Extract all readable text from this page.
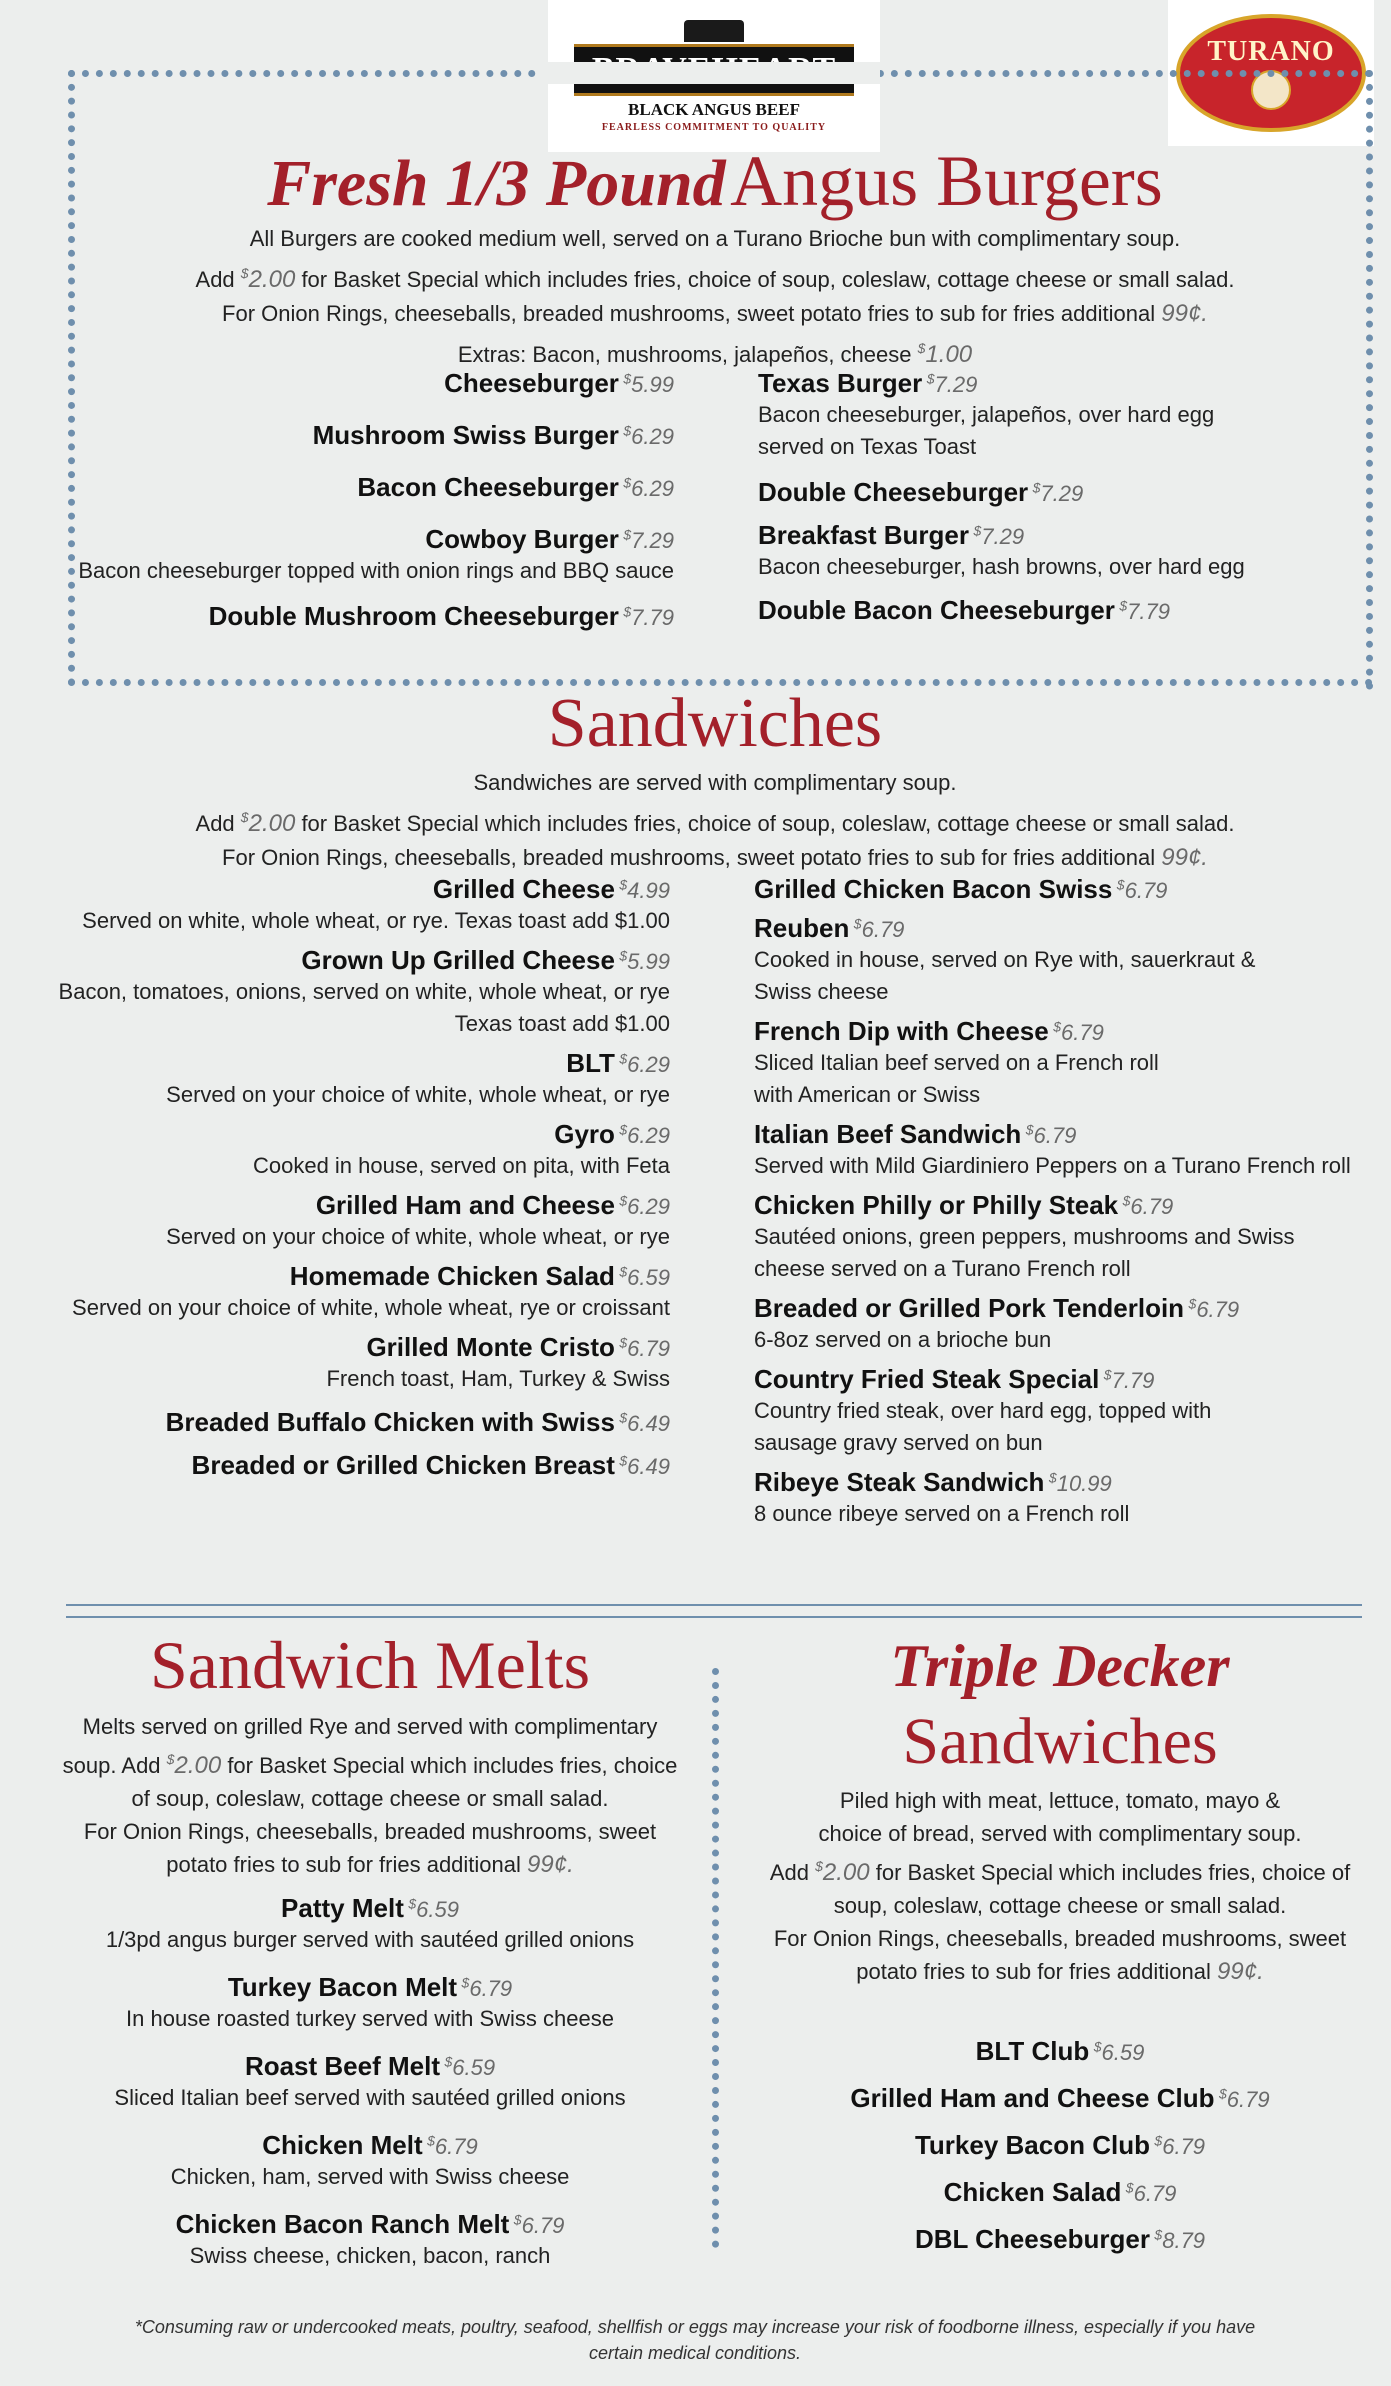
BLACK ANGUS BEEF
FEARLESS COMMITMENT TO QUALITY
TURANO
Fresh 1/3 Pound Angus Burgers
All Burgers are cooked medium well, served on a Turano Brioche bun with complimentary soup.
Add $2.00 for Basket Special which includes fries, choice of soup, coleslaw, cottage cheese or small salad.
For Onion Rings, cheeseballs, breaded mushrooms, sweet potato fries to sub for fries additional 99¢.
Extras: Bacon, mushrooms, jalapeños, cheese $1.00
Cheeseburger $5.99
Mushroom Swiss Burger $6.29
Bacon Cheeseburger $6.29
Cowboy Burger $7.29
Bacon cheeseburger topped with onion rings and BBQ sauce
Double Mushroom Cheeseburger $7.79
Texas Burger $7.29
Bacon cheeseburger, jalapeños, over hard egg served on Texas Toast
Double Cheeseburger $7.29
Breakfast Burger $7.29
Bacon cheeseburger, hash browns, over hard egg
Double Bacon Cheeseburger $7.79
Sandwiches
Sandwiches are served with complimentary soup.
Add $2.00 for Basket Special which includes fries, choice of soup, coleslaw, cottage cheese or small salad.
For Onion Rings, cheeseballs, breaded mushrooms, sweet potato fries to sub for fries additional 99¢.
Grilled Cheese $4.99
Served on white, whole wheat, or rye. Texas toast add $1.00
Grown Up Grilled Cheese $5.99
Bacon, tomatoes, onions, served on white, whole wheat, or rye Texas toast add $1.00
BLT $6.29
Served on your choice of white, whole wheat, or rye
Gyro $6.29
Cooked in house, served on pita, with Feta
Grilled Ham and Cheese $6.29
Served on your choice of white, whole wheat, or rye
Homemade Chicken Salad $6.59
Served on your choice of white, whole wheat, rye or croissant
Grilled Monte Cristo $6.79
French toast, Ham, Turkey & Swiss
Breaded Buffalo Chicken with Swiss $6.49
Breaded or Grilled Chicken Breast $6.49
Grilled Chicken Bacon Swiss $6.79
Reuben $6.79
Cooked in house, served on Rye with, sauerkraut & Swiss cheese
French Dip with Cheese $6.79
Sliced Italian beef served on a French roll with American or Swiss
Italian Beef Sandwich $6.79
Served with Mild Giardiniero Peppers on a Turano French roll
Chicken Philly or Philly Steak $6.79
Sautéed onions, green peppers, mushrooms and Swiss cheese served on a Turano French roll
Breaded or Grilled Pork Tenderloin $6.79
6-8oz served on a brioche bun
Country Fried Steak Special $7.79
Country fried steak, over hard egg, topped with sausage gravy served on bun
Ribeye Steak Sandwich $10.99
8 ounce ribeye served on a French roll
Sandwich Melts
Melts served on grilled Rye and served with complimentary
soup. Add $2.00 for Basket Special which includes fries, choice
of soup, coleslaw, cottage cheese or small salad.
For Onion Rings, cheeseballs, breaded mushrooms, sweet
potato fries to sub for fries additional 99¢.
Patty Melt $6.59
1/3pd angus burger served with sautéed grilled onions
Turkey Bacon Melt $6.79
In house roasted turkey served with Swiss cheese
Roast Beef Melt $6.59
Sliced Italian beef served with sautéed grilled onions
Chicken Melt $6.79
Chicken, ham, served with Swiss cheese
Chicken Bacon Ranch Melt $6.79
Swiss cheese, chicken, bacon, ranch
Triple Decker
Sandwiches
Piled high with meat, lettuce, tomato, mayo &
choice of bread, served with complimentary soup.
Add $2.00 for Basket Special which includes fries, choice of
soup, coleslaw, cottage cheese or small salad.
For Onion Rings, cheeseballs, breaded mushrooms, sweet
potato fries to sub for fries additional 99¢.
BLT Club $6.59
Grilled Ham and Cheese Club $6.79
Turkey Bacon Club $6.79
Chicken Salad $6.79
DBL Cheeseburger $8.79
*Consuming raw or undercooked meats, poultry, seafood, shellfish or eggs may increase your risk of foodborne illness, especially if you have
certain medical conditions.
